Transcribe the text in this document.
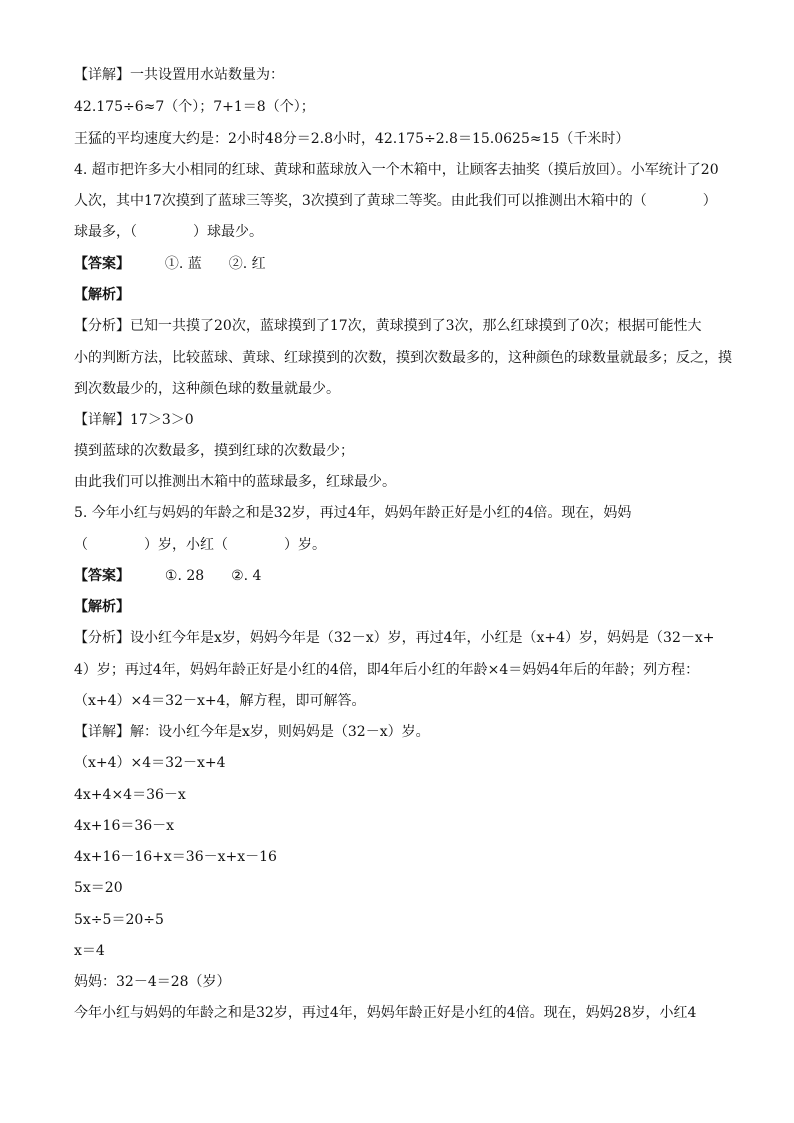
【详解】一共设置用水站数量为：
42.175÷6≈7（个）；7+1＝8（个）；
王猛的平均速度大约是：2小时48分＝2.8小时，42.175÷2.8＝15.0625≈15（千米时）
4. 超市把许多大小相同的红球、黄球和蓝球放入一个木箱中，让顾客去抽奖（摸后放回）。小军统计了20
人次，其中17次摸到了蓝球三等奖，3次摸到了黄球二等奖。由此我们可以推测出木箱中的（　　　　）
球最多，（　　　　）球最少。
【答案】 ①. 蓝 ②. 红
【解析】
【分析】已知一共摸了20次，蓝球摸到了17次，黄球摸到了3次，那么红球摸到了0次；根据可能性大
小的判断方法，比较蓝球、黄球、红球摸到的次数，摸到次数最多的，这种颜色的球数量就最多；反之，摸
到次数最少的，这种颜色球的数量就最少。
【详解】17＞3＞0
摸到蓝球的次数最多，摸到红球的次数最少；
由此我们可以推测出木箱中的蓝球最多，红球最少。
5. 今年小红与妈妈的年龄之和是32岁，再过4年，妈妈年龄正好是小红的4倍。现在，妈妈
（　　　　）岁，小红（　　　　）岁。
【答案】 ①. 28 ②. 4
【解析】
【分析】设小红今年是x岁，妈妈今年是（32－x）岁，再过4年，小红是（x+4）岁，妈妈是（32－x+
4）岁；再过4年，妈妈年龄正好是小红的4倍，即4年后小红的年龄×4＝妈妈4年后的年龄；列方程：
（x+4）×4＝32－x+4，解方程，即可解答。
【详解】解：设小红今年是x岁，则妈妈是（32－x）岁。
（x+4）×4＝32－x+4
4x+4×4＝36－x
4x+16＝36－x
4x+16－16+x＝36－x+x－16
5x＝20
5x÷5＝20÷5
x＝4
妈妈：32－4＝28（岁）
今年小红与妈妈的年龄之和是32岁，再过4年，妈妈年龄正好是小红的4倍。现在，妈妈28岁，小红4
